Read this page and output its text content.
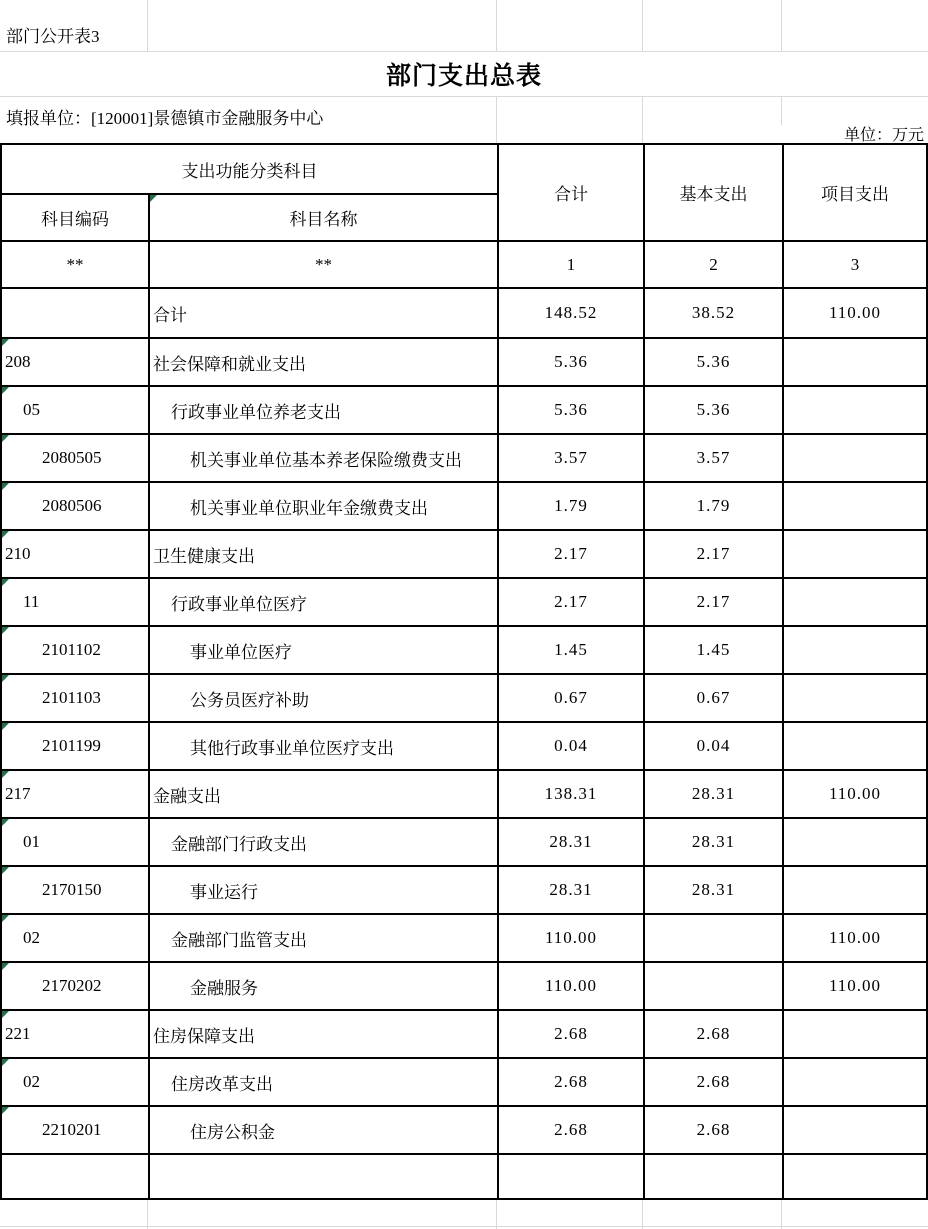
部门公开表3
部门支出总表
填报单位：[120001]景德镇市金融服务中心
单位：万元
支出功能分类科目		合计	基本支出	项目支出
科目编码	科目名称			
**	**	1	2	3
	合计	148.52	38.52	110.00

208	社会保障和就业支出	5.36	5.36	

05	行政事业单位养老支出	5.36	5.36	

2080505	机关事业单位基本养老保险缴费支出	3.57	3.57	

2080506	机关事业单位职业年金缴费支出	1.79	1.79	

210	卫生健康支出	2.17	2.17	

11	行政事业单位医疗	2.17	2.17	

2101102	事业单位医疗	1.45	1.45	

2101103	公务员医疗补助	0.67	0.67	

2101199	其他行政事业单位医疗支出	0.04	0.04	

217	金融支出	138.31	28.31	110.00

01	金融部门行政支出	28.31	28.31	

2170150	事业运行	28.31	28.31	

02	金融部门监管支出	110.00		110.00

2170202	金融服务	110.00		110.00

221	住房保障支出	2.68	2.68	

02	住房改革支出	2.68	2.68	

2210201	住房公积金	2.68	2.68	
